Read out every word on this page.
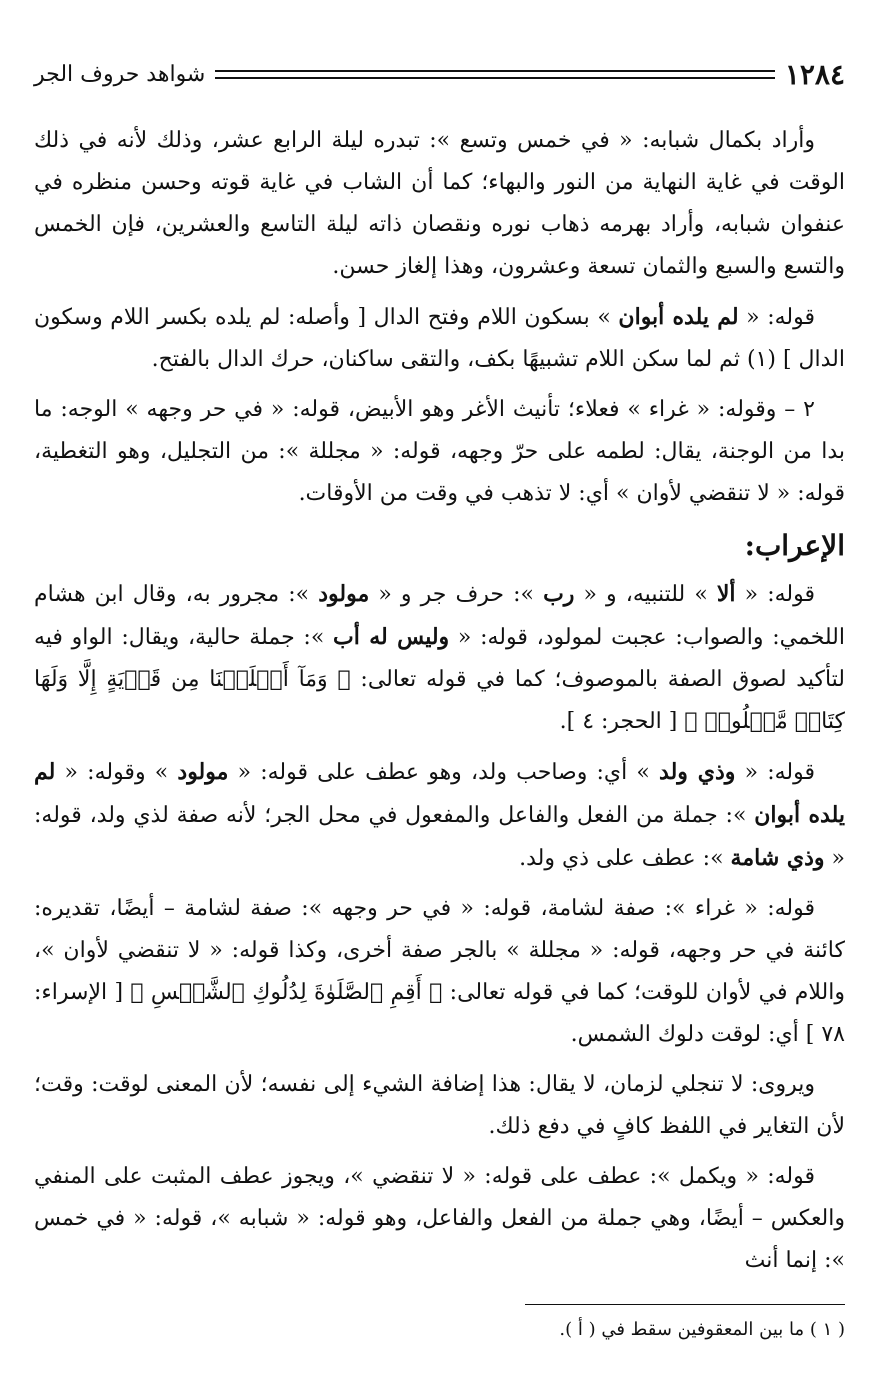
١٢٨٤
شواهد حروف الجر

وأراد بكمال شبابه: « في خمس وتسع »: تبدره ليلة الرابع عشر، وذلك لأنه في ذلك الوقت في غاية النهاية من النور والبهاء؛ كما أن الشاب في غاية قوته وحسن منظره في عنفوان شبابه، وأراد بهرمه ذهاب نوره ونقصان ذاته ليلة التاسع والعشرين، فإن الخمس والتسع والسبع والثمان تسعة وعشرون، وهذا إلغاز حسن.

قوله: « لم يلده أبوان » بسكون اللام وفتح الدال [ وأصله: لم يلده بكسر اللام وسكون الدال ] (١) ثم لما سكن اللام تشبيهًا بكف، والتقى ساكنان، حرك الدال بالفتح.

٢ – وقوله: « غراء » فعلاء؛ تأنيث الأغر وهو الأبيض، قوله: « في حر وجهه » الوجه: ما بدا من الوجنة، يقال: لطمه على حرّ وجهه، قوله: « مجللة »: من التجليل، وهو التغطية، قوله: « لا تنقضي لأوان » أي: لا تذهب في وقت من الأوقات.

الإعراب:

قوله: « ألا » للتنبيه، و « رب »: حرف جر و « مولود »: مجرور به، وقال ابن هشام اللخمي: والصواب: عجبت لمولود، قوله: « وليس له أب »: جملة حالية، ويقال: الواو فيه لتأكيد لصوق الصفة بالموصوف؛ كما في قوله تعالى: ﴿ وَمَآ أَهۡلَكۡنَا مِن قَرۡيَةٍ إِلَّا وَلَهَا كِتَابٞ مَّعۡلُومٞ ﴾ [ الحجر: ٤ ].

قوله: « وذي ولد » أي: وصاحب ولد، وهو عطف على قوله: « مولود » وقوله: « لم يلده أبوان »: جملة من الفعل والفاعل والمفعول في محل الجر؛ لأنه صفة لذي ولد، قوله: « وذي شامة »: عطف على ذي ولد.

قوله: « غراء »: صفة لشامة، قوله: « في حر وجهه »: صفة لشامة – أيضًا، تقديره: كائنة في حر وجهه، قوله: « مجللة » بالجر صفة أخرى، وكذا قوله: « لا تنقضي لأوان »، واللام في لأوان للوقت؛ كما في قوله تعالى: ﴿ أَقِمِ ٱلصَّلَوٰةَ لِدُلُوكِ ٱلشَّمۡسِ ﴾ [ الإسراء: ٧٨ ] أي: لوقت دلوك الشمس.

ويروى: لا تنجلي لزمان، لا يقال: هذا إضافة الشيء إلى نفسه؛ لأن المعنى لوقت: وقت؛ لأن التغاير في اللفظ كافٍ في دفع ذلك.

قوله: « ويكمل »: عطف على قوله: « لا تنقضي »، ويجوز عطف المثبت على المنفي والعكس – أيضًا، وهي جملة من الفعل والفاعل، وهو قوله: « شبابه »، قوله: « في خمس »: إنما أنث

( ١ ) ما بين المعقوفين سقط في ( أ ).
